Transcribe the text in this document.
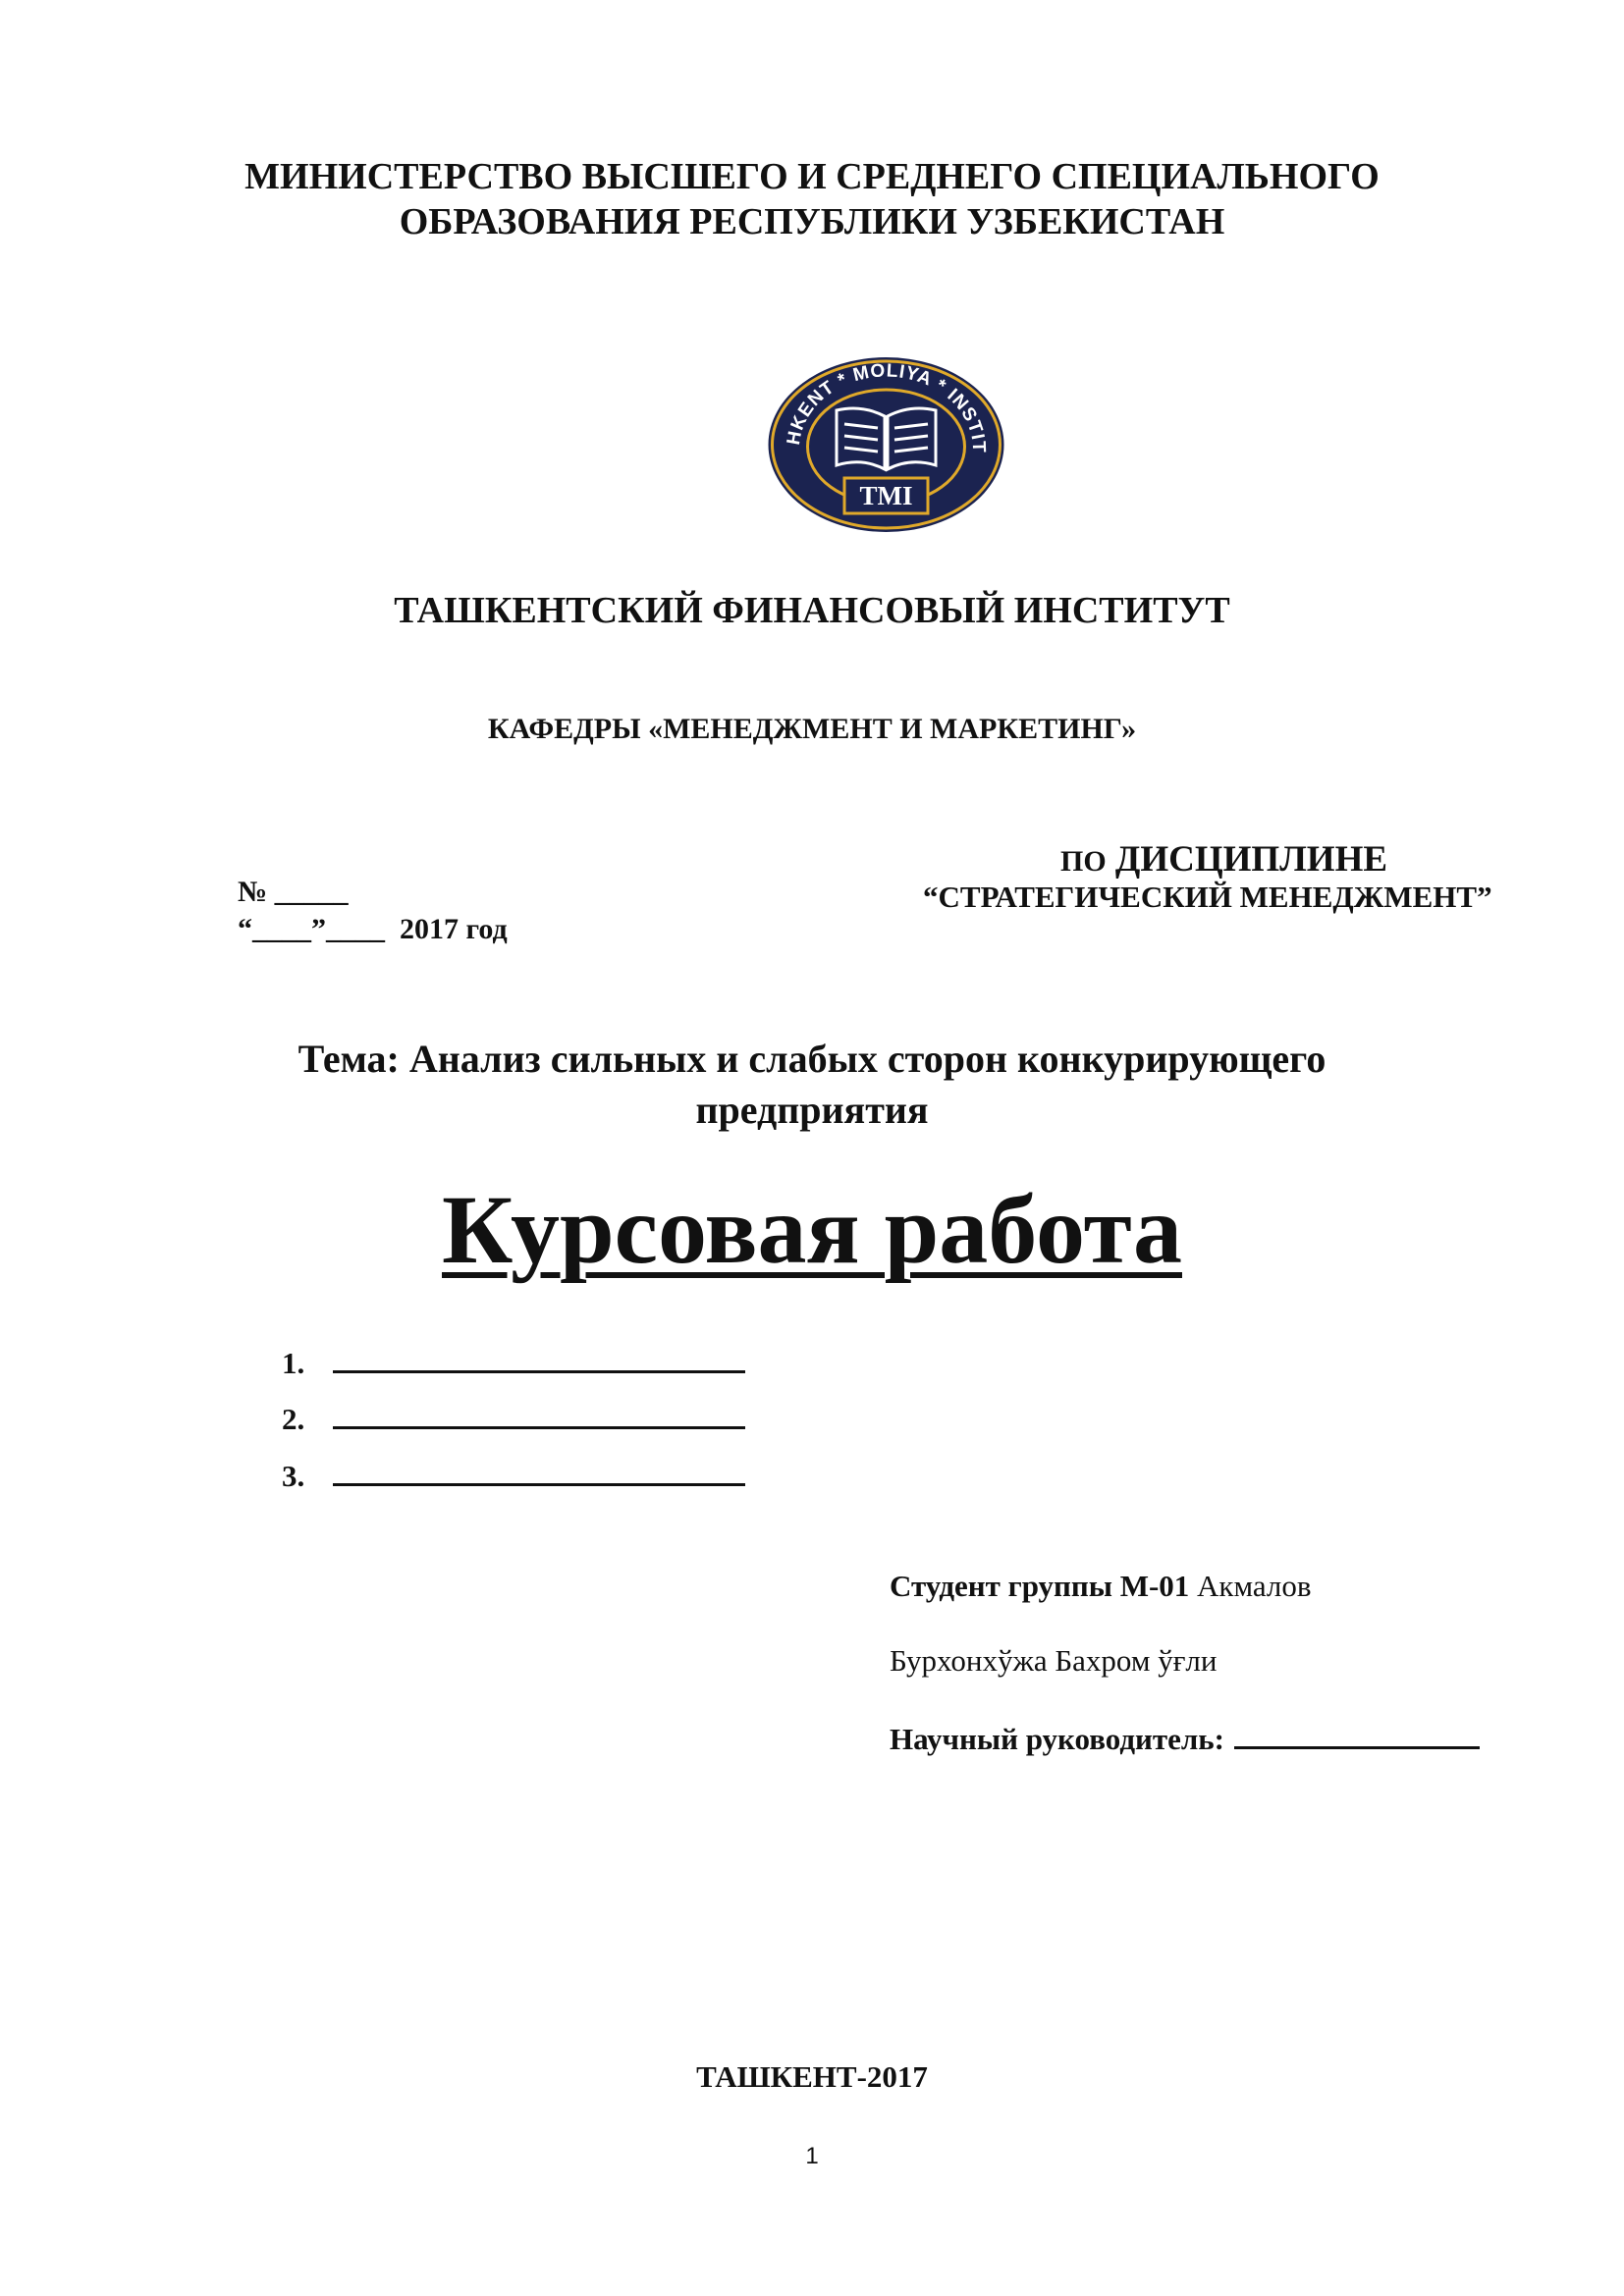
МИНИСТЕРСТВО ВЫСШЕГО И СРЕДНЕГО СПЕЦИАЛЬНОГО
ОБРАЗОВАНИЯ РЕСПУБЛИКИ УЗБЕКИСТАН
HKENT * MOLIYA * INSTIT
TMI
ТАШКЕНТСКИЙ ФИНАНСОВЫЙ ИНСТИТУТ
КАФЕДРЫ «МЕНЕДЖМЕНТ И МАРКЕТИНГ»
№ _____
“____”____  2017 год
ПО ДИСЦИПЛИНЕ
“СТРАТЕГИЧЕСКИЙ МЕНЕДЖМЕНТ”
Тема: Анализ сильных и слабых сторон конкурирующего
предприятия
Курсовая работа
1.
2.
3.
Студент группы М-01 Акмалов
Бурхонхўжа Бахром ўғли
Научный руководитель:
ТАШКЕНТ-2017
1
